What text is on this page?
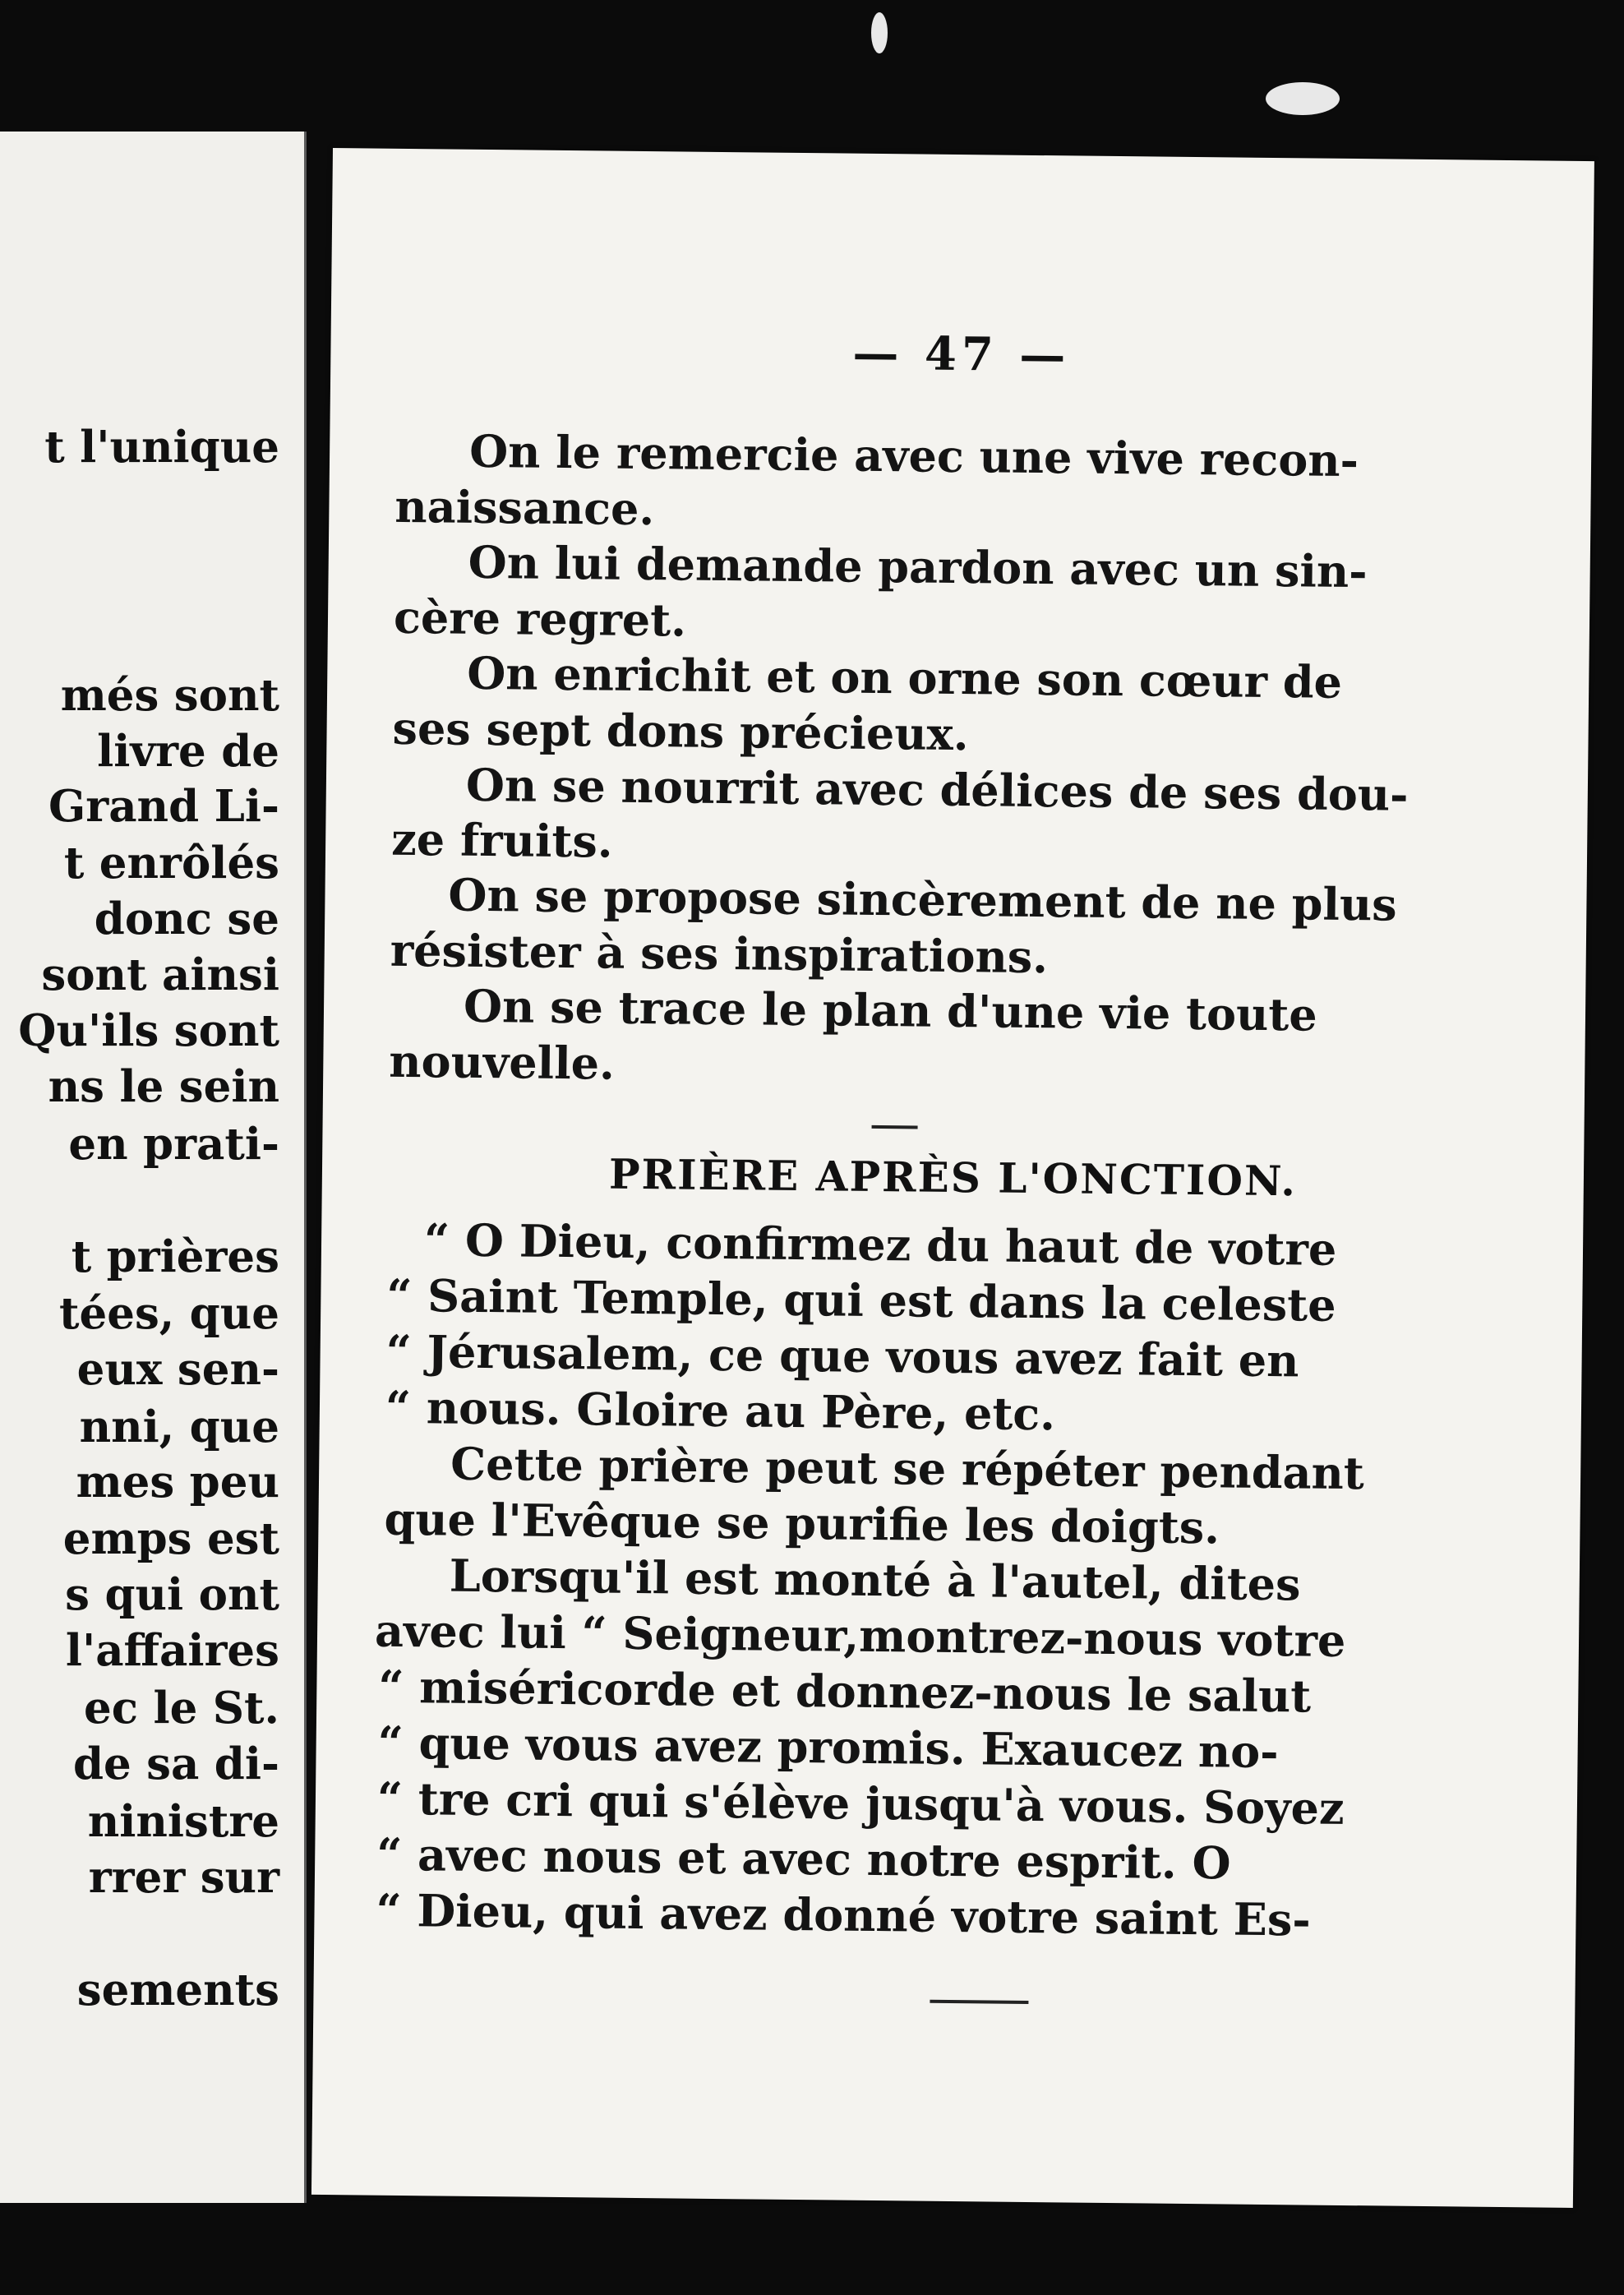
t l'unique
més sont
livre de
Grand Li-
t enrôlés
donc se
sont ainsi
Qu'ils sont
ns le sein
en prati-
t prières
tées, que
eux sen-
nni, que
mes peu
emps est
s qui ont
l'affaires
ec le St.
de sa di-
ninistre
rrer sur
sements
— 47 —
On le remercie avec une vive recon-
naissance.
On lui demande pardon avec un sin-
cère regret.
On enrichit et on orne son cœur de
ses sept dons précieux.
On se nourrit avec délices de ses dou-
ze fruits.
On se propose sincèrement de ne plus
résister à ses inspirations.
On se trace le plan d'une vie toute
nouvelle.
PRIÈRE APRÈS L'ONCTION.
“ O Dieu, confirmez du haut de votre
“ Saint Temple, qui est dans la celeste
“ Jérusalem, ce que vous avez fait en
“ nous. Gloire au Père, etc.
Cette prière peut se répéter pendant
que l'Evêque se purifie les doigts.
Lorsqu'il est monté à l'autel, dites
avec lui “ Seigneur,montrez-nous votre
“ miséricorde et donnez-nous le salut
“ que vous avez promis. Exaucez no-
“ tre cri qui s'élève jusqu'à vous. Soyez
“ avec nous et avec notre esprit. O
“ Dieu, qui avez donné votre saint Es-
